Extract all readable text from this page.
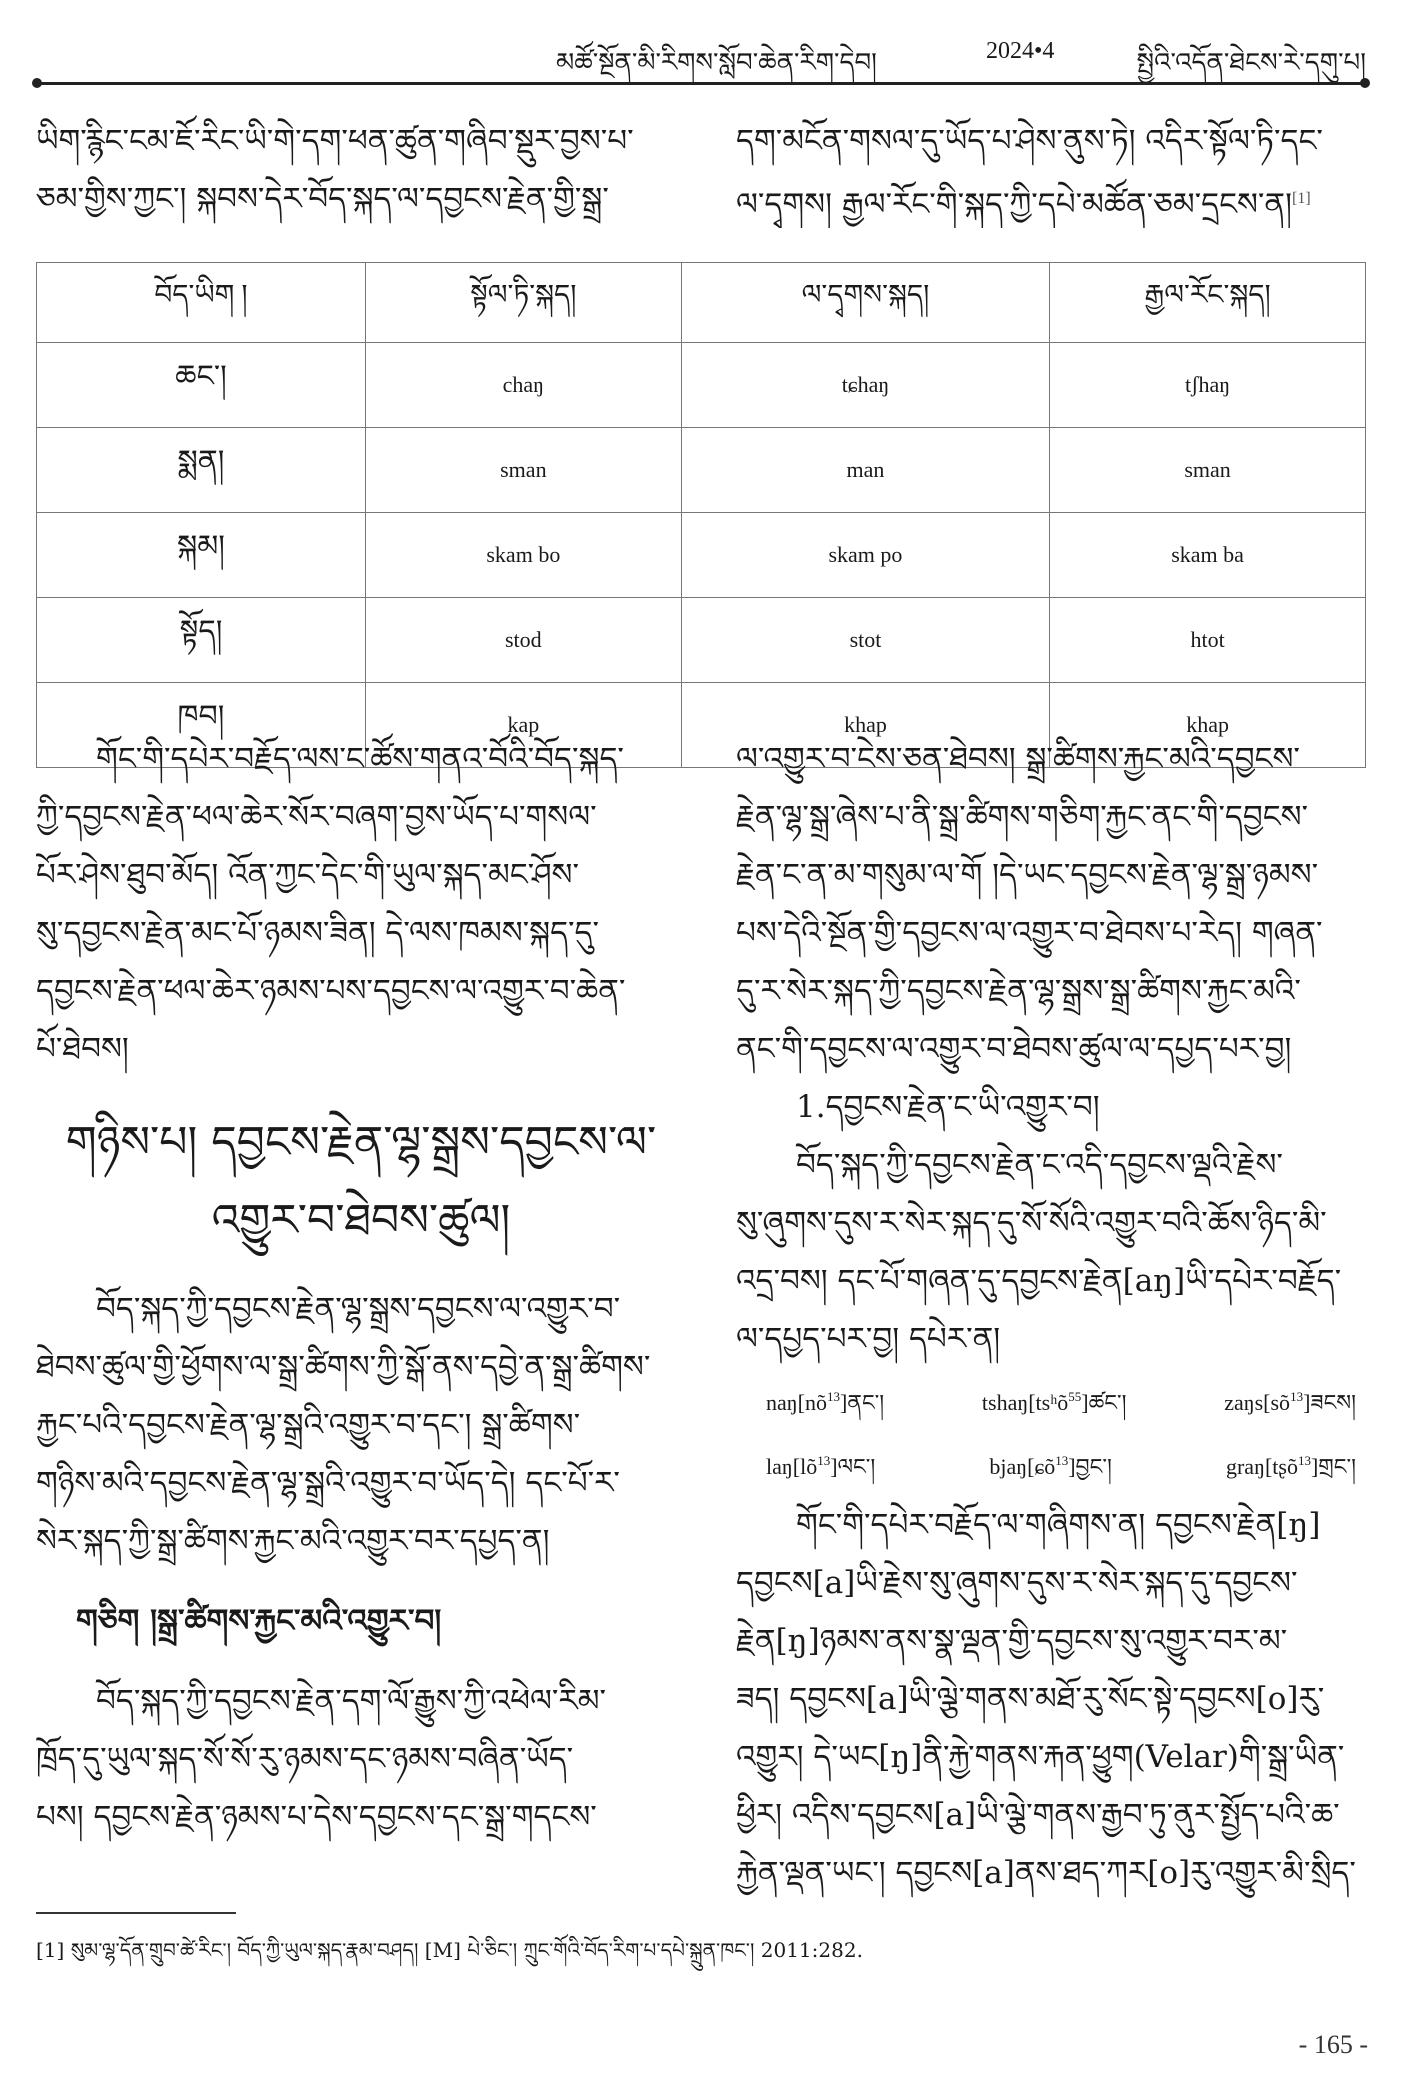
མཚོ་སྔོན་མི་རིགས་སློབ་ཆེན་རིག་དེབ།	2024•4	སྤྱིའི་འདོན་ཐེངས་རེ་དགུ་པ།
ཡིག་རྙིང་ངམ་ཇོ་རིང་ཡི་གེ་དག་ཕན་ཚུན་གཞིབ་སྡུར་བྱས་པ་
ཅམ་གྱིས་ཀྱང་། སྐབས་དེར་བོད་སྐད་ལ་དབྱངས་རྗེན་གྱི་སྒྲ་
དག་མངོན་གསལ་དུ་ཡོད་པ་ཤེས་ནུས་ཏེ། འདིར་སྟོལ་ཏི་དང་
ལ་དྭགས། རྒྱལ་རོང་གི་སྐད་ཀྱི་དཔེ་མཚོན་ཅམ་དྲངས་ན།[1]
བོད་ཡིག །	སྟོལ་ཏི་སྐད།	ལ་དྭགས་སྐད།	རྒྱལ་རོང་སྐད།
ཆང་།	chaŋ	tɕhaŋ	tʃhaŋ
སྨན།	sman	man	sman
སྐམ།	skam bo	skam po	skam ba
སྟོད།	stod	stot	htot
ཁབ།	kap	khap	khap
གོང་གི་དཔེར་བརྗོད་ལས་ང་ཚོས་གནའ་བོའི་བོད་སྐད་
ཀྱི་དབྱངས་རྗེན་ཕལ་ཆེར་སོར་བཞག་བྱས་ཡོད་པ་གསལ་
པོར་ཤེས་ཐུབ་མོད། འོན་ཀྱང་དེང་གི་ཡུལ་སྐད་མང་ཤོས་
སུ་དབྱངས་རྗེན་མང་པོ་ཉམས་ཟིན། དེ་ལས་ཁམས་སྐད་དུ་
དབྱངས་རྗེན་ཕལ་ཆེར་ཉམས་པས་དབྱངས་ལ་འགྱུར་བ་ཆེན་
པོ་ཐེབས།
གཉིས་པ། དབྱངས་རྗེན་ལྷ་སྒྲས་དབྱངས་ལ་འགྱུར་བ་ཐེབས་ཚུལ།
བོད་སྐད་ཀྱི་དབྱངས་རྗེན་ལྷ་སྒྲས་དབྱངས་ལ་འགྱུར་བ་
ཐེབས་ཚུལ་གྱི་ཕྱོགས་ལ་སྒྲ་ཚིགས་ཀྱི་སྒོ་ནས་དབྱེ་ན་སྒྲ་ཚིགས་
རྐྱང་པའི་དབྱངས་རྗེན་ལྷ་སྒྲའི་འགྱུར་བ་དང་། སྒྲ་ཚིགས་
གཉིས་མའི་དབྱངས་རྗེན་ལྷ་སྒྲའི་འགྱུར་བ་ཡོད་དེ། དང་པོ་ར་
སེར་སྐད་ཀྱི་སྒྲ་ཚིགས་རྐྱང་མའི་འགྱུར་བར་དཔྱད་ན།
གཅིག །སྒྲ་ཚིགས་རྐྱང་མའི་འགྱུར་བ།
བོད་སྐད་ཀྱི་དབྱངས་རྗེན་དག་ལོ་རྒྱུས་ཀྱི་འཕེལ་རིམ་
ཁྲོད་དུ་ཡུལ་སྐད་སོ་སོ་རུ་ཉམས་དང་ཉམས་བཞིན་ཡོད་
པས། དབྱངས་རྗེན་ཉམས་པ་དེས་དབྱངས་དང་སྒྲ་གདངས་
ལ་འགྱུར་བ་ངེས་ཅན་ཐེབས། སྒྲ་ཚིགས་རྐྱང་མའི་དབྱངས་
རྗེན་ལྷ་སྒྲ་ཞེས་པ་ནི་སྒྲ་ཚིགས་གཅིག་རྐྱང་ནང་གི་དབྱངས་
རྗེན་ང་ན་མ་གསུམ་ལ་གོ །དེ་ཡང་དབྱངས་རྗེན་ལྷ་སྒྲ་ཉམས་
པས་དེའི་སྔོན་གྱི་དབྱངས་ལ་འགྱུར་བ་ཐེབས་པ་རེད། གཞན་
དུ་ར་སེར་སྐད་ཀྱི་དབྱངས་རྗེན་ལྷ་སྒྲས་སྒྲ་ཚིགས་རྐྱང་མའི་
ནང་གི་དབྱངས་ལ་འགྱུར་བ་ཐེབས་ཚུལ་ལ་དཔྱད་པར་བྱ།
1.དབྱངས་རྗེན་ང་ཡི་འགྱུར་བ།
བོད་སྐད་ཀྱི་དབྱངས་རྗེན་ང་འདི་དབྱངས་ལྡའི་རྗེས་
སུ་ཞུགས་དུས་ར་སེར་སྐད་དུ་སོ་སོའི་འགྱུར་བའི་ཆོས་ཉིད་མི་
འདྲ་བས། དང་པོ་གཞན་དུ་དབྱངས་རྗེན[aŋ]ཡི་དཔེར་བརྗོད་
ལ་དཔྱད་པར་བྱ། དཔེར་ན།
naŋ[nõ13]ནང་།	tshaŋ[tsʰõ55]ཚང་།	zaŋs[sõ13]ཟངས།
laŋ[lõ13]ལང་།	bjaŋ[ɕõ13]བྱང་།	graŋ[tʂõ13]གྲང་།
གོང་གི་དཔེར་བརྗོད་ལ་གཞིགས་ན། དབྱངས་རྗེན[ŋ]
དབྱངས[a]ཡི་རྗེས་སུ་ཞུགས་དུས་ར་སེར་སྐད་དུ་དབྱངས་
རྗེན[ŋ]ཉམས་ནས་སྣ་ལྡན་གྱི་དབྱངས་སུ་འགྱུར་བར་མ་
ཟད། དབྱངས[a]ཡི་ལྕེ་གནས་མཐོ་རུ་སོང་སྟེ་དབྱངས[o]རུ་
འགྱུར། དེ་ཡང[ŋ]ནི་རྐྱེ་གནས་རྐན་ཕྱུག(Velar)གི་སྒྲ་ཡིན་
ཕྱིར། འདིས་དབྱངས[a]ཡི་ལྕེ་གནས་རྒྱབ་ཏུ་ནུར་སྤྱོད་པའི་ཆ་
རྐྱེན་ལྡན་ཡང་། དབྱངས[a]ནས་ཐད་ཀར[o]རུ་འགྱུར་མི་སྲིད་
[1] སུམ་ལྷ་དོན་གྲུབ་ཚེ་རིང་། བོད་ཀྱི་ཡུལ་སྐད་རྣམ་བཤད། [M] པེ་ཅིང་། ཀྲུང་གོའི་བོད་རིག་པ་དཔེ་སྐྲུན་ཁང་། 2011:282.
- 165 -
